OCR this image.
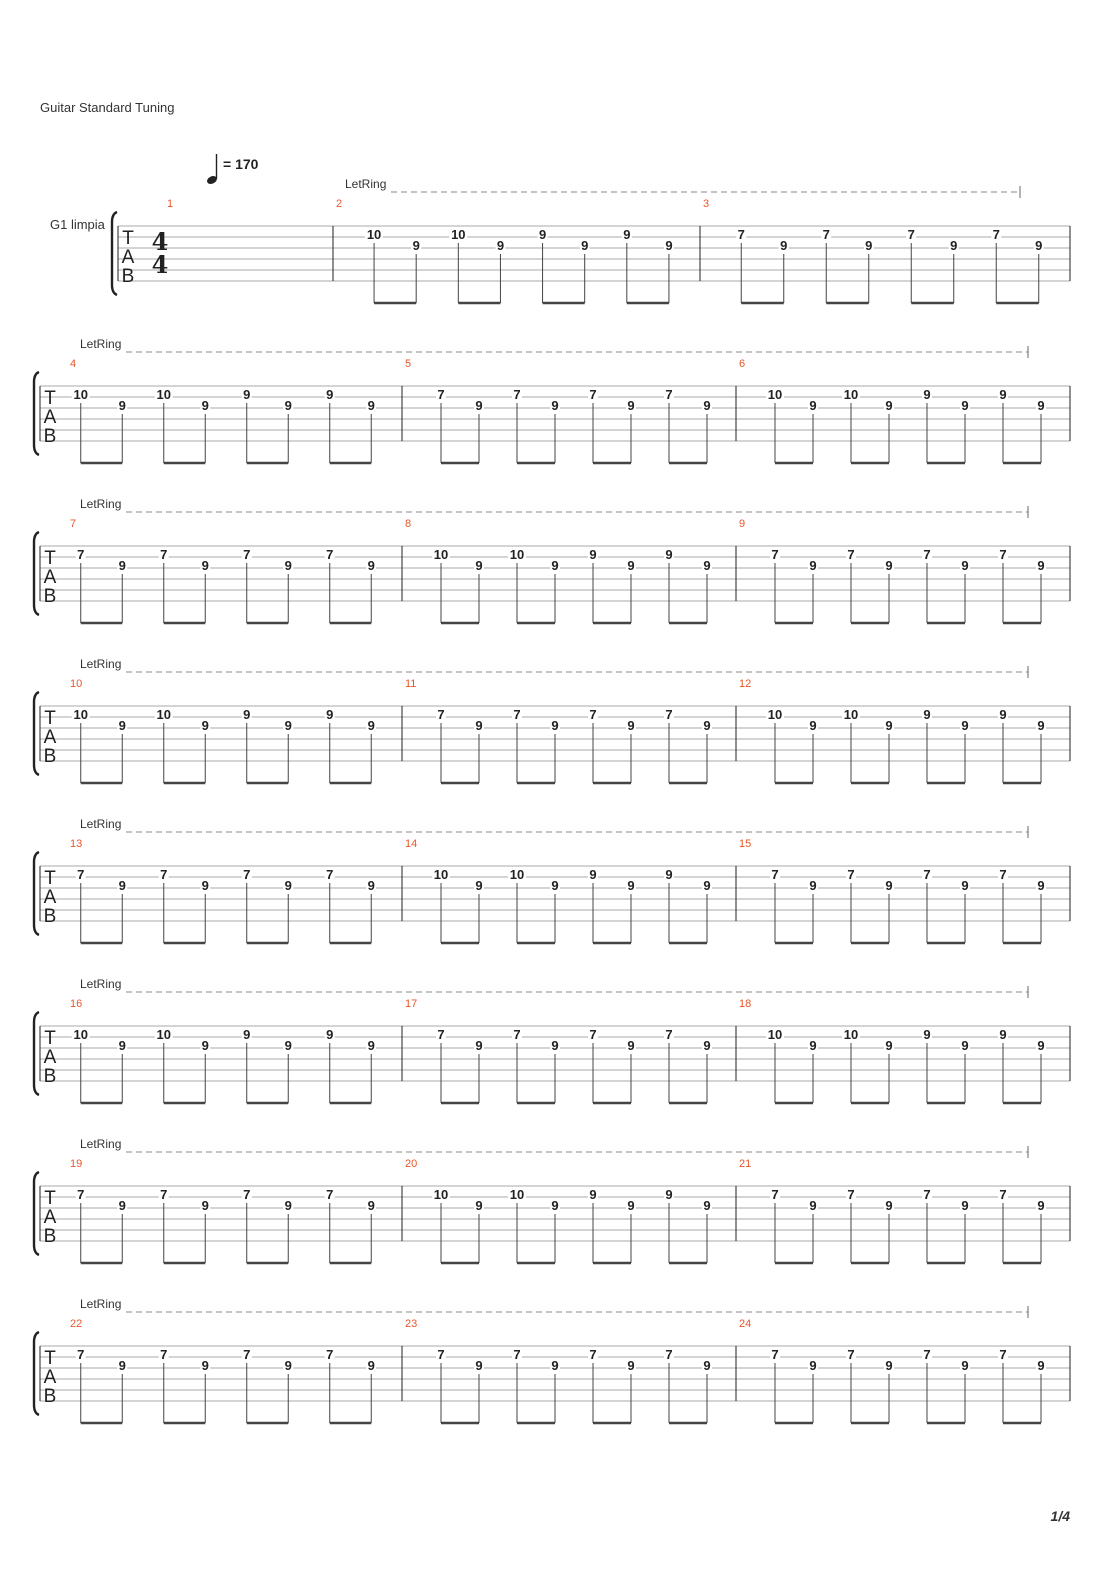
Guitar Standard Tuning
= 170
G1 limpia
LetRing
T
A
B
4
4
1	2
10
9
10
9
9
9
9
9
3
7
9
7
9
7
9
7
9
LetRing
T
A
B
4
10
9
10
9
9
9
9
9
5
7
9
7
9
7
9
7
9
6
10
9
10
9
9
9
9
9
LetRing
T
A
B
7
7
9
7
9
7
9
7
9
8
10
9
10
9
9
9
9
9
9
7
9
7
9
7
9
7
9
LetRing
T
A
B
10
10
9
10
9
9
9
9
9
11
7
9
7
9
7
9
7
9
12
10
9
10
9
9
9
9
9
LetRing
T
A
B
13
7
9
7
9
7
9
7
9
14
10
9
10
9
9
9
9
9
15
7
9
7
9
7
9
7
9
LetRing
T
A
B
16
10
9
10
9
9
9
9
9
17
7
9
7
9
7
9
7
9
18
10
9
10
9
9
9
9
9
LetRing
T
A
B
19
7
9
7
9
7
9
7
9
20
10
9
10
9
9
9
9
9
21
7
9
7
9
7
9
7
9
LetRing
T
A
B
22
7
9
7
9
7
9
7
9
23
7
9
7
9
7
9
7
9
24
7
9
7
9
7
9
7
9
1/4
